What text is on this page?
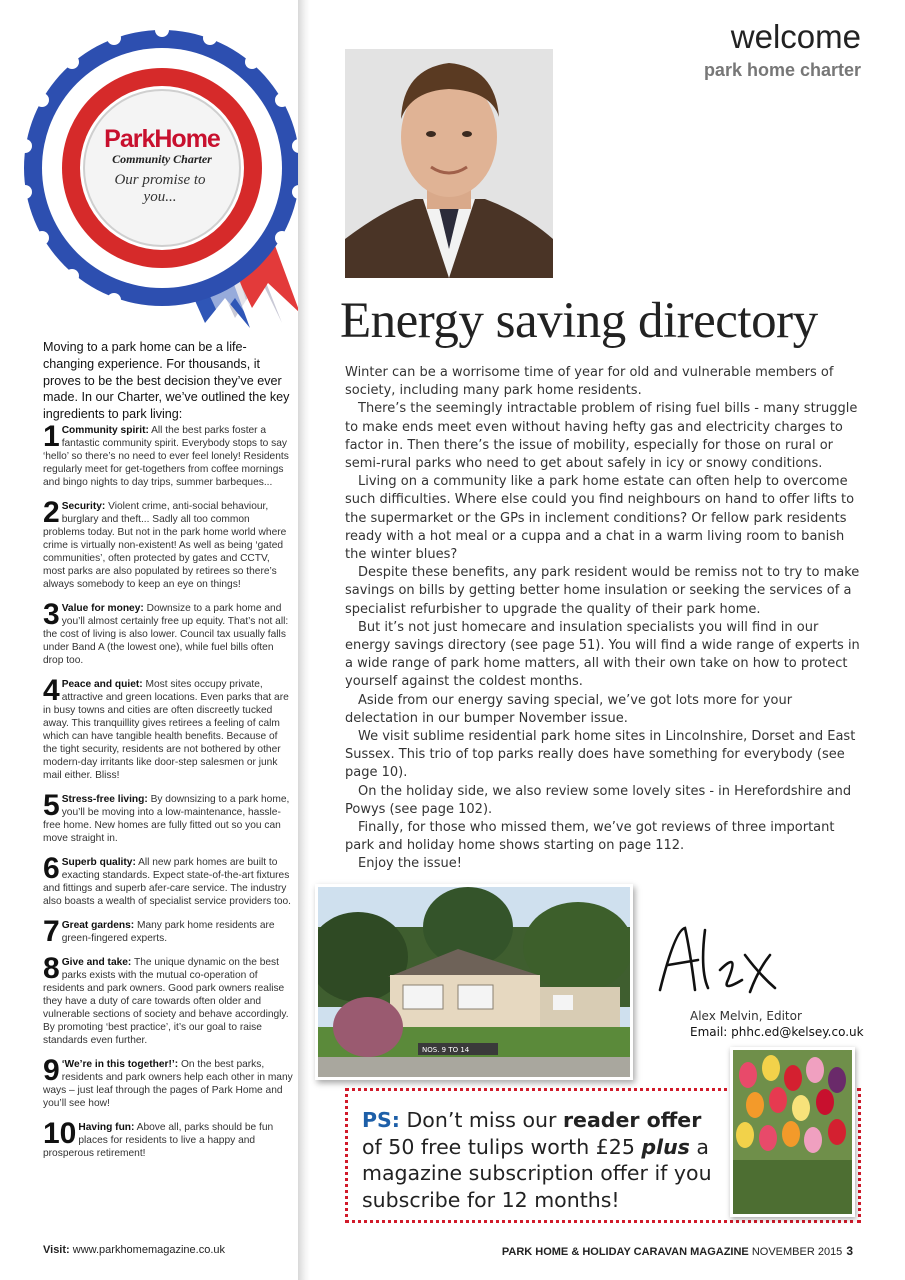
ParkHome
Community Charter
Our promise to you...
Moving to a park home can be a life-changing experience. For thousands, it proves to be the best decision they’ve ever made. In our Charter, we’ve outlined the key ingredients to park living:
1 Community spirit: All the best parks foster a fantastic community spirit. Everybody stops to say ‘hello’ so there’s no need to ever feel lonely! Residents regularly meet for get-togethers from coffee mornings and bingo nights to day trips, summer barbeques...
2 Security: Violent crime, anti-social behaviour, burglary and theft... Sadly all too common problems today. But not in the park home world where crime is virtually non-existent! As well as being ‘gated communities’, often protected by gates and CCTV, most parks are also populated by retirees so there’s always somebody to keep an eye on things!
3 Value for money: Downsize to a park home and you’ll almost certainly free up equity. That’s not all: the cost of living is also lower. Council tax usually falls under Band A (the lowest one), while fuel bills often drop too.
4 Peace and quiet: Most sites occupy private, attractive and green locations. Even parks that are in busy towns and cities are often discreetly tucked away. This tranquillity gives retirees a feeling of calm which can have tangible health benefits. Because of the tight security, residents are not bothered by other modern-day irritants like door-step salesmen or junk mail either. Bliss!
5 Stress-free living: By downsizing to a park home, you’ll be moving into a low-maintenance, hassle-free home. New homes are fully fitted out so you can move straight in.
6 Superb quality: All new park homes are built to exacting standards. Expect state-of-the-art fixtures and fittings and superb afer-care service. The industry also boasts a wealth of specialist service providers too.
7 Great gardens: Many park home residents are green-fingered experts.
8 Give and take: The unique dynamic on the best parks exists with the mutual co-operation of residents and park owners. Good park owners realise they have a duty of care towards often older and vulnerable sections of society and behave accordingly. By promoting ‘best practice’, it’s our goal to raise standards even further.
9 ‘We’re in this together!’: On the best parks, residents and park owners help each other in many ways – just leaf through the pages of Park Home and you’ll see how!
10 Having fun: Above all, parks should be fun places for residents to live a happy and prosperous retirement!
Visit: www.parkhomemagazine.co.uk
welcome
park home charter
Energy saving directory

Winter can be a worrisome time of year for old and vulnerable members of society, including many park home residents.

There’s the seemingly intractable problem of rising fuel bills - many struggle to make ends meet even without having hefty gas and electricity charges to factor in. Then there’s the issue of mobility, especially for those on rural or semi-rural parks who need to get about safely in icy or snowy conditions.

Living on a community like a park home estate can often help to overcome such difficulties. Where else could you find neighbours on hand to offer lifts to the supermarket or the GPs in inclement conditions? Or fellow park residents ready with a hot meal or a cuppa and a chat in a warm living room to banish the winter blues?

Despite these benefits, any park resident would be remiss not to try to make savings on bills by getting better home insulation or seeking the services of a specialist refurbisher to upgrade the quality of their park home.

But it’s not just homecare and insulation specialists you will find in our energy savings directory (see page 51). You will find a wide range of experts in a wide range of park home matters, all with their own take on how to protect yourself against the coldest months.

Aside from our energy saving special, we’ve got lots more for your delectation in our bumper November issue.

We visit sublime residential park home sites in Lincolnshire, Dorset and East Sussex. This trio of top parks really does have something for everybody (see page 10).

On the holiday side, we also review some lovely sites - in Herefordshire and Powys (see page 102).

Finally, for those who missed them, we’ve got reviews of three important park and holiday home shows starting on page 112.

Enjoy the issue!

NOS. 9 TO 14
Alex Melvin, Editor
Email: phhc.ed@kelsey.co.uk
PS: Don’t miss our reader offer of 50 free tulips worth £25 plus a magazine subscription offer if you subscribe for 12 months!
PARK HOME & HOLIDAY CARAVAN MAGAZINE NOVEMBER 2015 3
